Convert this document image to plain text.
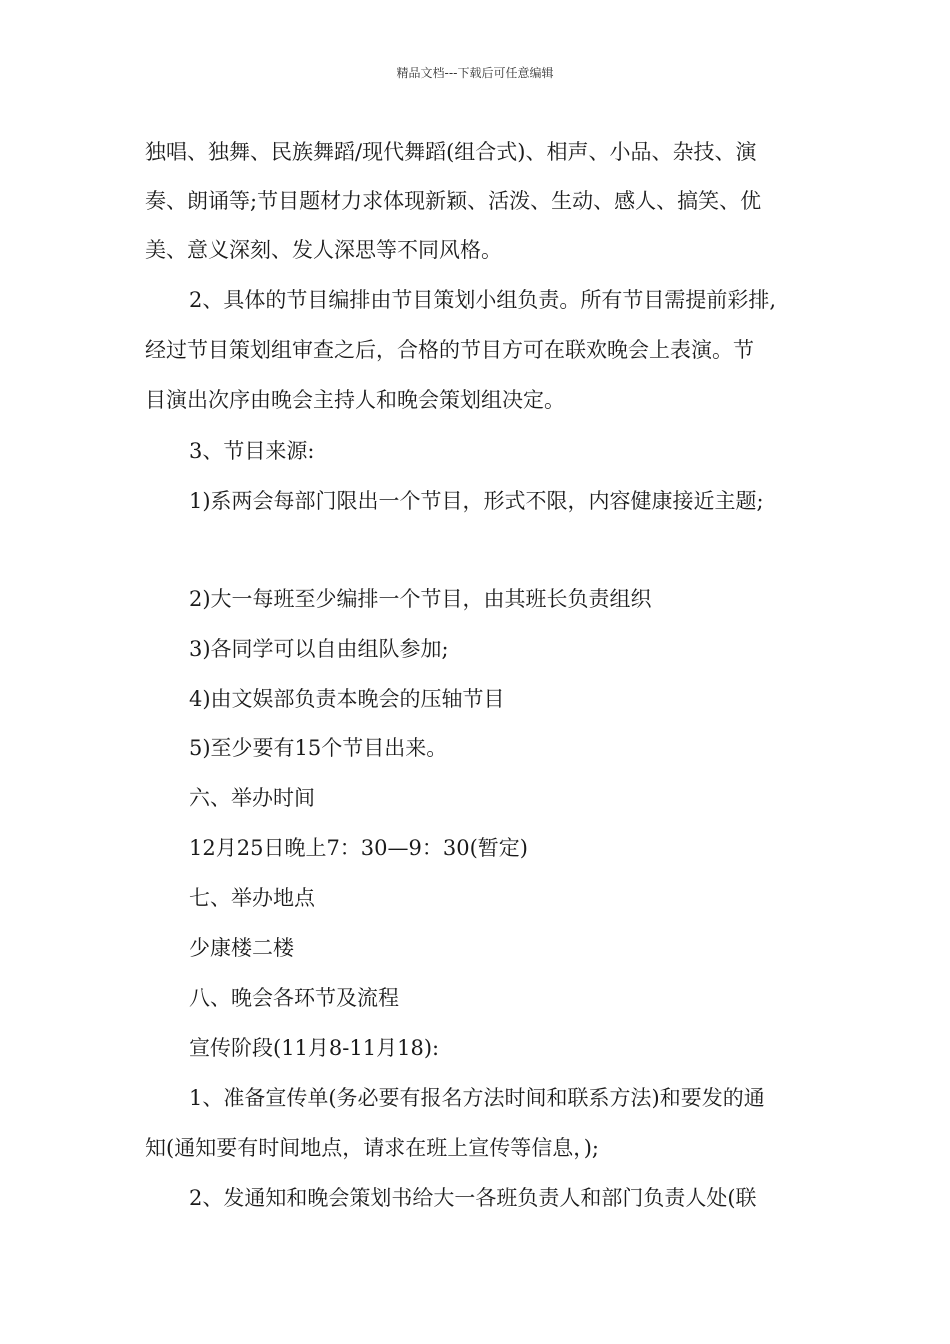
精品文档---下载后可任意编辑
独唱、独舞、民族舞蹈/现代舞蹈(组合式)、相声、小品、杂技、演
奏、朗诵等;节目题材力求体现新颖、活泼、生动、感人、搞笑、优
美、意义深刻、发人深思等不同风格。
2、具体的节目编排由节目策划小组负责。所有节目需提前彩排,
经过节目策划组审查之后，合格的节目方可在联欢晚会上表演。节
目演出次序由晚会主持人和晚会策划组决定。
3、节目来源:
1)系两会每部门限出一个节目，形式不限，内容健康接近主题;
2)大一每班至少编排一个节目，由其班长负责组织
3)各同学可以自由组队参加;
4)由文娱部负责本晚会的压轴节目
5)至少要有15个节目出来。
六、举办时间
12月25日晚上7：30—9：30(暂定)
七、举办地点
少康楼二楼
八、晚会各环节及流程
宣传阶段(11月8-11月18):
1、准备宣传单(务必要有报名方法时间和联系方法)和要发的通
知(通知要有时间地点，请求在班上宣传等信息，);
2、发通知和晚会策划书给大一各班负责人和部门负责人处(联
